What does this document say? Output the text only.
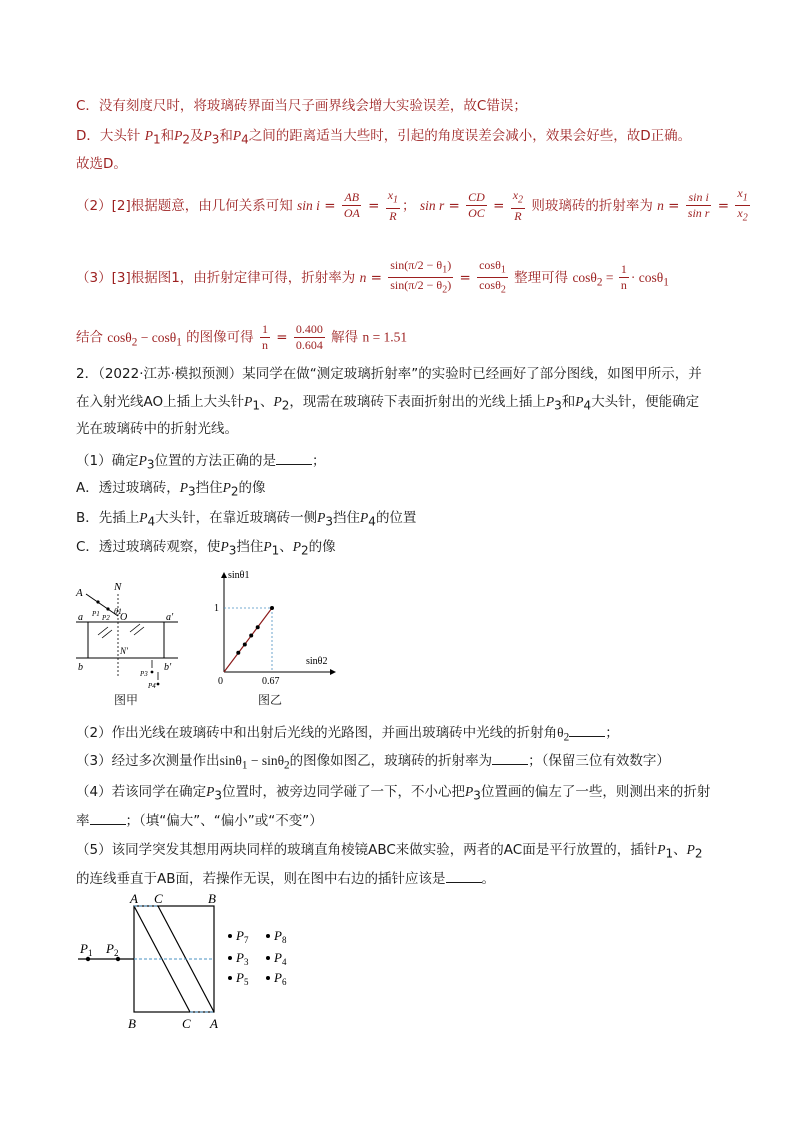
C．没有刻度尺时，将玻璃砖界面当尺子画界线会增大实验误差，故C错误；
D．大头针 $P_1$和$P_2$及$P_3$和$P_4$之间的距离适当大些时，引起的角度误差会减小，效果会好些，故D正确。
故选D。
（2）[2]根据题意，由几何关系可知 $\sin i = \frac{AB}{OA} = \frac{x_1}{R}$ ； $\sin r = \frac{CD}{OC} = \frac{x_2}{R}$ 则玻璃砖的折射率为 $n = \frac{\text{sin i}}{\text{sin r}} = \frac{x_1}{x_2}$
（3）[3]根据图1，由折射定律可得，折射率为 $n = \frac{\sin(\pi/2 - \theta_1)}{\sin(\pi/2 - \theta_2)} = \frac{\cos\theta_1}{\cos\theta_2}$ 整理可得 $\cos\theta_2 = \frac{1}{n} \cdot \cos\theta_1$
结合 cosθ$_2$ − cosθ$_1$ 的图像可得 $\frac{1}{n} = \frac{0.400}{0.604}$ 解得 n = 1.51
2．（2022·江苏·模拟预测）某同学在做“测定玻璃折射率”的实验时已经画好了部分图线，如图甲所示，并
在入射光线AO上插上大头针$P_1$、$P_2$，现需在玻璃砖下表面折射出的光线上插上$P_3$和$P_4$大头针，便能确定
光在玻璃砖中的折射光线。
（1）确定$P_3$位置的方法正确的是	；
A．透过玻璃砖，$P_3$挡住$P_2$的像
B．先插上$P_4$大头针，在靠近玻璃砖一侧$P_3$挡住$P_4$的位置
C．透过玻璃砖观察，使$P_3$挡住$P_1$、$P_2$的像
A	N
a	a′
O
θ1
P1 P2
N′
b	b′
P3
P4
图甲
sinθ1
sinθ2
1
0	0.67
图乙
（2）作出光线在玻璃砖中和出射后光线的光路图，并画出玻璃砖中光线的折射角$\theta_2$	；
（3）经过多次测量作出sinθ$_1$ − sinθ$_2$的图像如图乙，玻璃砖的折射率为	；（保留三位有效数字）
（4）若该同学在确定$P_3$位置时，被旁边同学碰了一下，不小心把$P_3$位置画的偏左了一些，则测出来的折射
率	；（填“偏大”、“偏小”或“不变”）
（5）该同学突发其想用两块同样的玻璃直角棱镜ABC来做实验，两者的AC面是平行放置的，插针$P_1$、$P_2$
的连线垂直于AB面，若操作无误，则在图中右边的插针应该是	。
A C	B
B	C A
$P_1$ $P_2$
$P_7$ $P_8$
$P_3$ $P_4$
$P_5$ $P_6$
